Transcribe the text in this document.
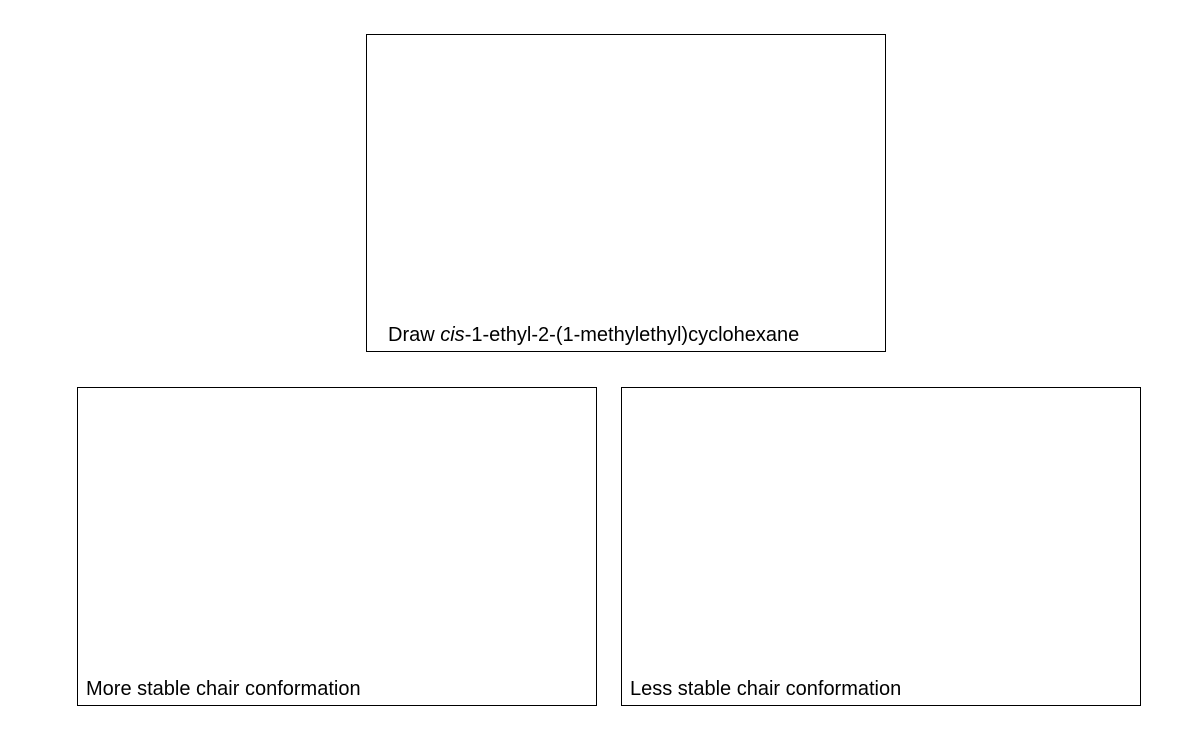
Draw cis-1-ethyl-2-(1-methylethyl)cyclohexane
More stable chair conformation	Less stable chair conformation
